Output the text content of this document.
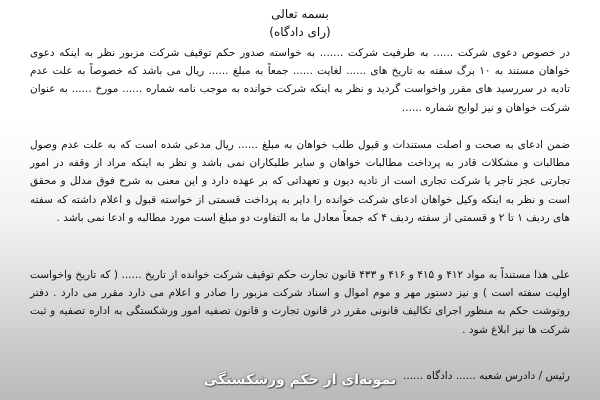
بسمه تعالی
(رای دادگاه)
در خصوص دعوی شرکت ...... به طرفیت شرکت ....... به خواسته صدور حکم توقیف شرکت مزبور نظر به اینکه دعوی خواهان مستند به ۱۰ برگ سفته به تاریخ های ...... لغایت ...... جمعاً به مبلغ ...... ریال می باشد که خصوصاً به علت عدم تادیه در سررسید های مقرر واخواست گردید و نظر به اینکه شرکت خوانده به موجب نامه شماره ...... مورخ ...... به عنوان شرکت خواهان و نیز لوایح شماره ......
ضمن ادعای به صحت و اصلت مستندات و قبول طلب خواهان به مبلغ ...... ریال مدعی شده است که به علت عدم وصول مطالبات و مشکلات قادر به پرداخت مطالبات خواهان و سایر طلبکاران نمی باشد و نظر به اینکه مراد از وقفه در امور تجارتی عجز تاجر یا شرکت تجاری است از تادیه دیون و تعهداتی که بر عهده دارد و این معنی به شرح فوق مدلل و محقق است و نظر به اینکه وکیل خواهان ادعای شرکت خوانده را دایر به پرداخت قسمتی از خواسته قبول و اعلام داشته که سفته های ردیف ۱ تا ۲ و قسمتی از سفته ردیف ۴ که جمعاً معادل ما به التفاوت دو مبلغ است مورد مطالبه و ادعا نمی باشد .
علی هذا مستنداً به مواد ۴۱۲ و ۴۱۵ و ۴۱۶ و ۴۳۳ قانون تجارت حکم توقیف شرکت خوانده از تاریخ ...... ( که تاریخ واخواست اولیت سفته است ) و نیز دستور مهر و موم اموال و اسناد شرکت مزبور را صادر و اعلام می دارد مقرر می دارد . دفتر روتوشت حکم به منظور اجرای تکالیف قانونی مقرر در قانون تجارت و قانون تصفیه امور ورشکستگی به اداره تصفیه و ثبت شرکت ها نیز ابلاغ شود .
رئیس / دادرس شعبه ...... دادگاه ......
نمونه‌ای از حکم ورشکستگی
